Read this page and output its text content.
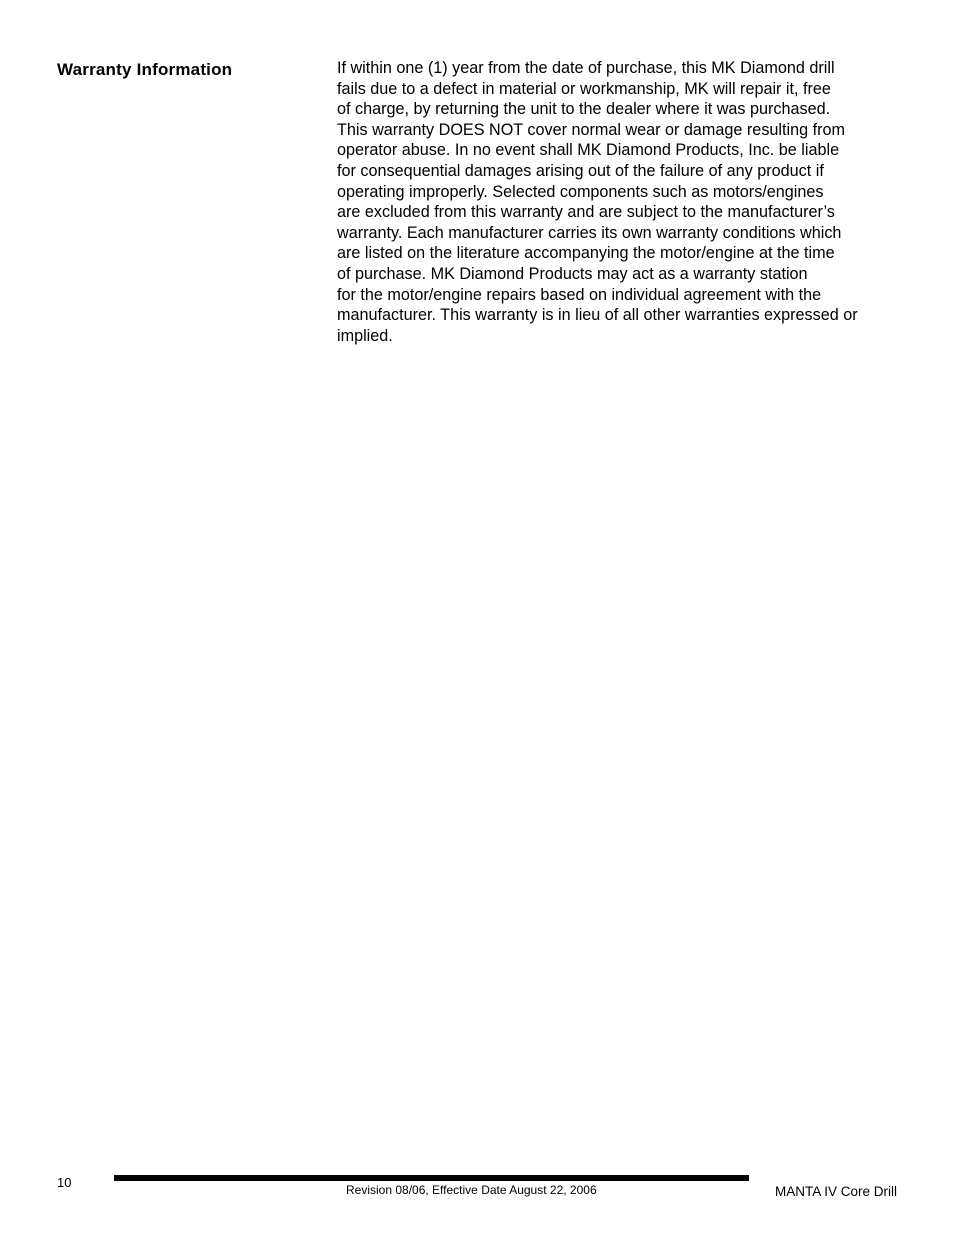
Warranty Information	If within one (1) year from the date of purchase, this MK Diamond drill
fails due to a defect in material or workmanship, MK will repair it, free
of charge, by returning the unit to the dealer where it was purchased.
This warranty DOES NOT cover normal wear or damage resulting from
operator abuse. In no event shall MK Diamond Products, Inc. be liable
for consequential damages arising out of the failure of any product if
operating improperly. Selected components such as motors/engines
are excluded from this warranty and are subject to the manufacturer’s
warranty. Each manufacturer carries its own warranty conditions which
are listed on the literature accompanying the motor/engine at the time
of purchase. MK Diamond Products may act as a warranty station
for the motor/engine repairs based on individual agreement with the
manufacturer. This warranty is in lieu of all other warranties expressed or
implied.
10	Revision 08/06, Effective Date August 22, 2006	MANTA IV Core Drill
